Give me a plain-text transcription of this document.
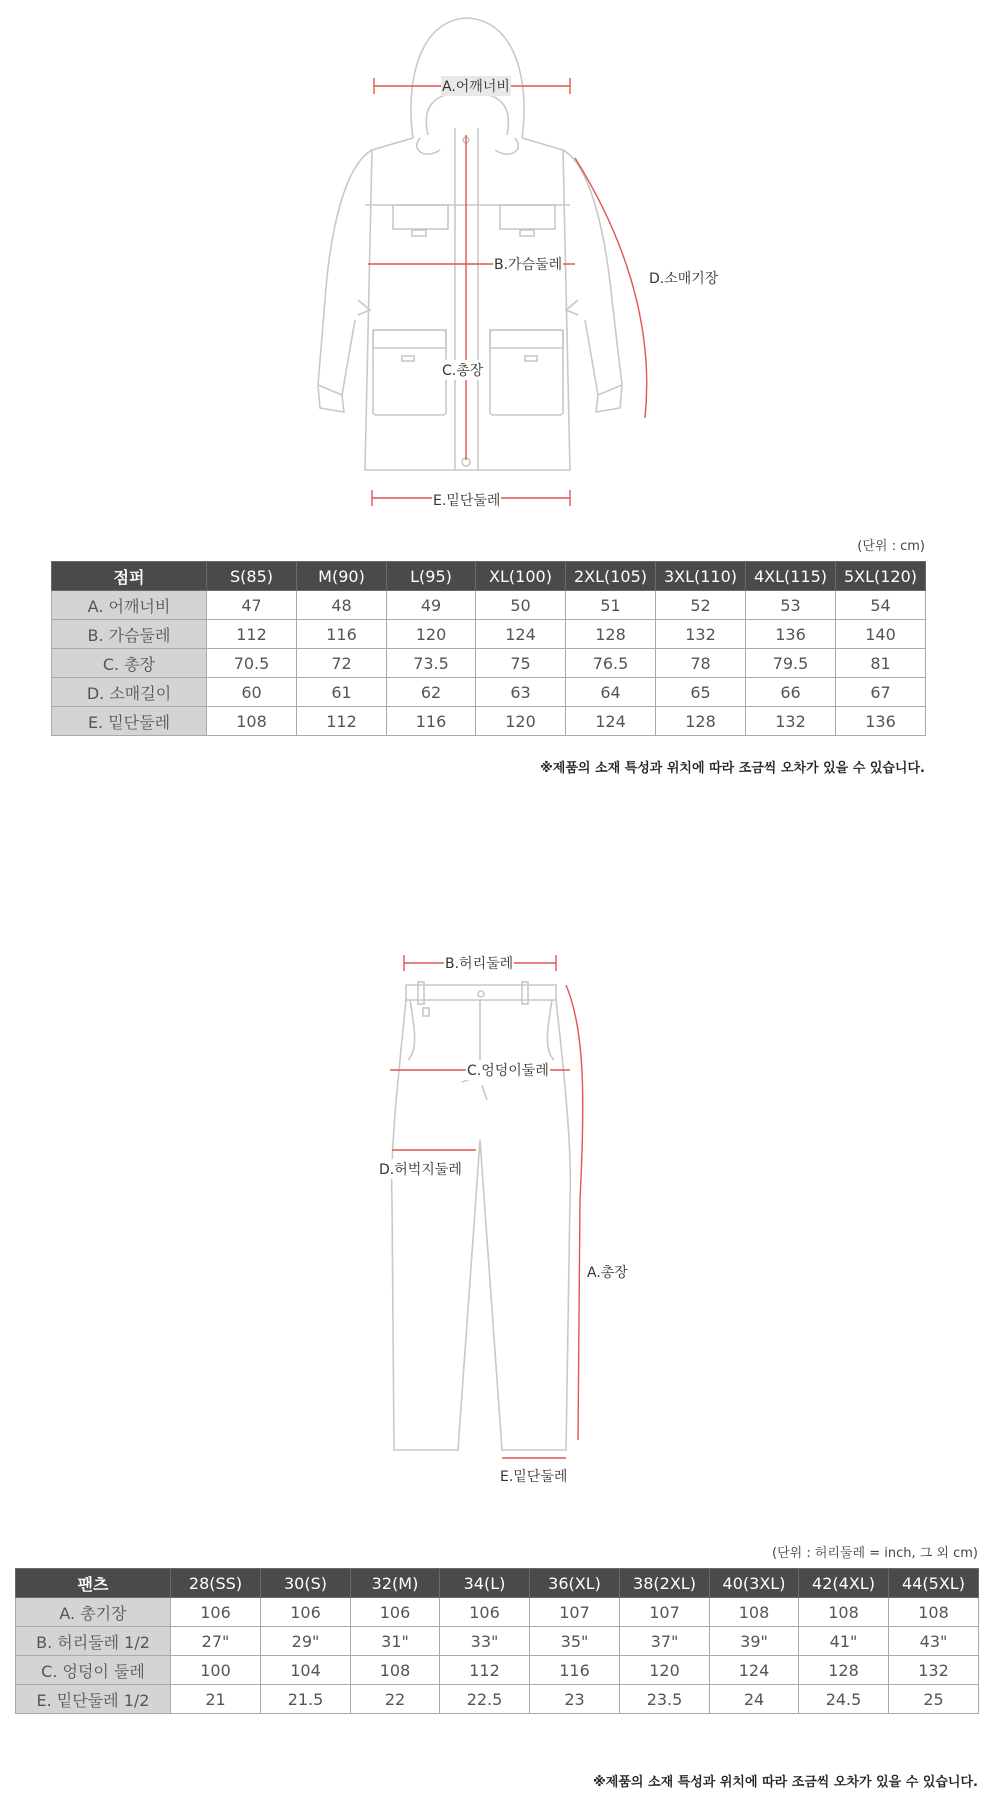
A.어깨너비
B.가슴둘레
D.소매기장
C.총장
E.밑단둘레
(단위 : cm)
점퍼	S(85)	M(90)	L(95)	XL(100)	2XL(105)	3XL(110)	4XL(115)	5XL(120)
A. 어깨너비	47	48	49	50	51	52	53	54
B. 가슴둘레	112	116	120	124	128	132	136	140
C. 총장	70.5	72	73.5	75	76.5	78	79.5	81
D. 소매길이	60	61	62	63	64	65	66	67
E. 밑단둘레	108	112	116	120	124	128	132	136
※제품의 소재 특성과 위치에 따라 조금씩 오차가 있을 수 있습니다.
B.허리둘레
C.엉덩이둘레
D.허벅지둘레
A.총장
E.밑단둘레
(단위 : 허리둘레 = inch, 그 외 cm)
팬츠	28(SS)	30(S)	32(M)	34(L)	36(XL)	38(2XL)	40(3XL)	42(4XL)	44(5XL)
A. 총기장	106	106	106	106	107	107	108	108	108
B. 허리둘레 1/2	27"	29"	31"	33"	35"	37"	39"	41"	43"
C. 엉덩이 둘레	100	104	108	112	116	120	124	128	132
E. 밑단둘레 1/2	21	21.5	22	22.5	23	23.5	24	24.5	25
※제품의 소재 특성과 위치에 따라 조금씩 오차가 있을 수 있습니다.
